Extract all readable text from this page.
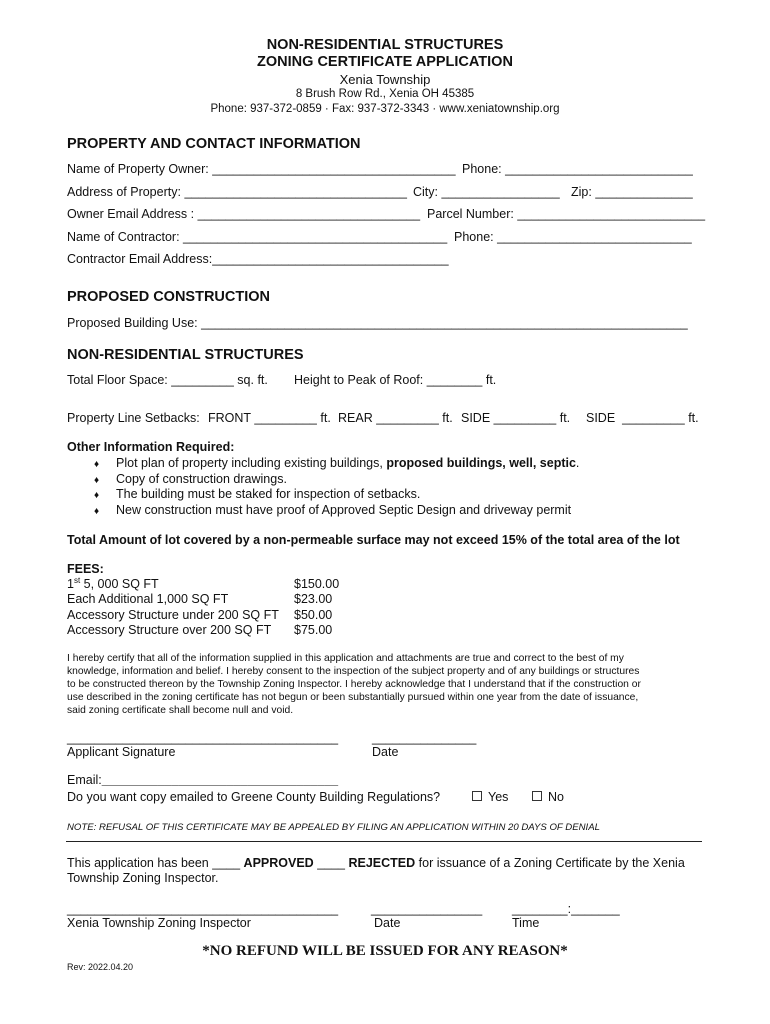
NON-RESIDENTIAL STRUCTURES
ZONING CERTIFICATE APPLICATION
Xenia Township
8 Brush Row Rd., Xenia OH 45385
Phone: 937-372-0859 · Fax: 937-372-3343 · www.xeniatownship.org
PROPERTY AND CONTACT INFORMATION
Name of Property Owner: ___________________________________ Phone: ___________________________
Address of Property: ________________________________ City: _________________ Zip: ______________
Owner Email Address : ________________________________ Parcel Number: ___________________________
Name of Contractor: ______________________________________ Phone: ____________________________
Contractor Email Address:__________________________________
PROPOSED CONSTRUCTION
Proposed Building Use: ______________________________________________________________________
NON-RESIDENTIAL STRUCTURES
Total Floor Space: _________ sq. ft. Height to Peak of Roof: ________ ft.
Property Line Setbacks: FRONT _________ ft. REAR _________ ft. SIDE _________ ft. SIDE _________ ft.
Other Information Required:
♦ Plot plan of property including existing buildings, proposed buildings, well, septic.
♦ Copy of construction drawings.
♦ The building must be staked for inspection of setbacks.
♦ New construction must have proof of Approved Septic Design and driveway permit
Total Amount of lot covered by a non-permeable surface may not exceed 15% of the total area of the lot
FEES:
1st 5, 000 SQ FT	$150.00
Each Additional 1,000 SQ FT	$23.00
Accessory Structure under 200 SQ FT $50.00
Accessory Structure over 200 SQ FT $75.00
I hereby certify that all of the information supplied in this application and attachments are true and correct to the best of my
knowledge, information and belief. I hereby consent to the inspection of the subject property and of any buildings or structures
to be constructed thereon by the Township Zoning Inspector. I hereby acknowledge that I understand that if the construction or
use described in the zoning certificate has not begun or been substantially pursued within one year from the date of issuance,
said zoning certificate shall become null and void.
_______________________________________
Applicant Signature
_______________
Date
Email:__________________________________
Do you want copy emailed to Greene County Building Regulations?	Yes	No
NOTE: REFUSAL OF THIS CERTIFICATE MAY BE APPEALED BY FILING AN APPLICATION WITHIN 20 DAYS OF DENIAL
This application has been ____ APPROVED ____ REJECTED for issuance of a Zoning Certificate by the Xenia
Township Zoning Inspector.
_______________________________________
Xenia Township Zoning Inspector
________________
Date
________:_______
Time
*NO REFUND WILL BE ISSUED FOR ANY REASON*
Rev: 2022.04.20
